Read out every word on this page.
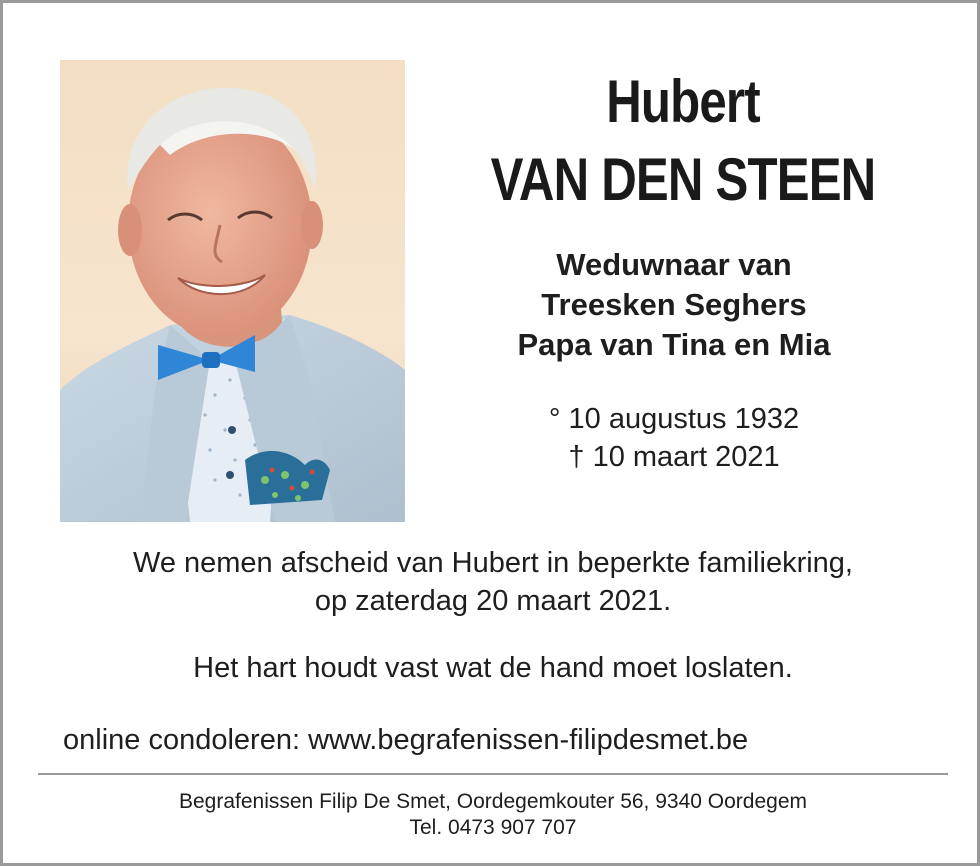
Hubert
VAN DEN STEEN
Weduwnaar van
Treesken Seghers
Papa van Tina en Mia
° 10 augustus 1932
† 10 maart 2021
We nemen afscheid van Hubert in beperkte familiekring,
op zaterdag 20 maart 2021.
Het hart houdt vast wat de hand moet loslaten.
online condoleren: www.begrafenissen-filipdesmet.be
Begrafenissen Filip De Smet, Oordegemkouter 56, 9340 Oordegem
Tel. 0473 907 707
